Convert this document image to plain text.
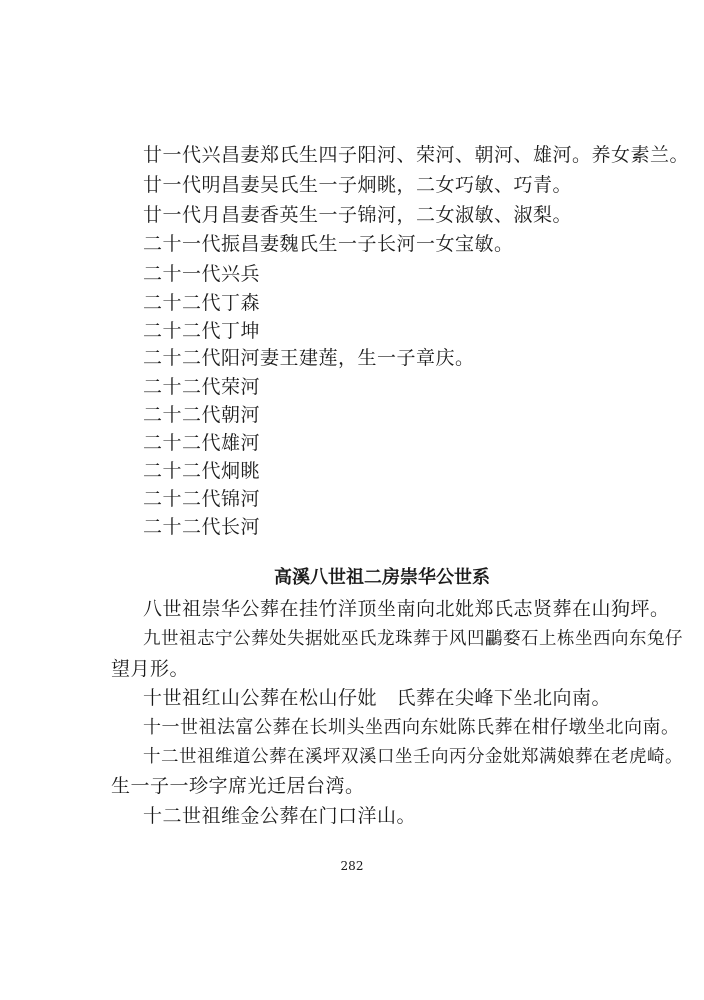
廿一代兴昌妻郑氏生四子阳河、荣河、朝河、雄河。养女素兰。
廿一代明昌妻吴氏生一子炯眺，二女巧敏、巧青。
廿一代月昌妻香英生一子锦河，二女淑敏、淑梨。
二十一代振昌妻魏氏生一子长河一女宝敏。
二十一代兴兵
二十二代丁森
二十二代丁坤
二十二代阳河妻王建莲，生一子章庆。
二十二代荣河
二十二代朝河
二十二代雄河
二十二代炯眺
二十二代锦河
二十二代长河
高溪八世祖二房崇华公世系
八世祖崇华公葬在挂竹洋顶坐南向北妣郑氏志贤葬在山狗坪。
九世祖志宁公葬处失据妣巫氏龙珠葬于风凹鸓婺石上栋坐西向东兔仔
望月形。
十世祖红山公葬在松山仔妣　氏葬在尖峰下坐北向南。
十一世祖法富公葬在长圳头坐西向东妣陈氏葬在柑仔墩坐北向南。
十二世祖维道公葬在溪坪双溪口坐壬向丙分金妣郑满娘葬在老虎崎。
生一子一珍字席光迁居台湾。
十二世祖维金公葬在门口洋山。
282
